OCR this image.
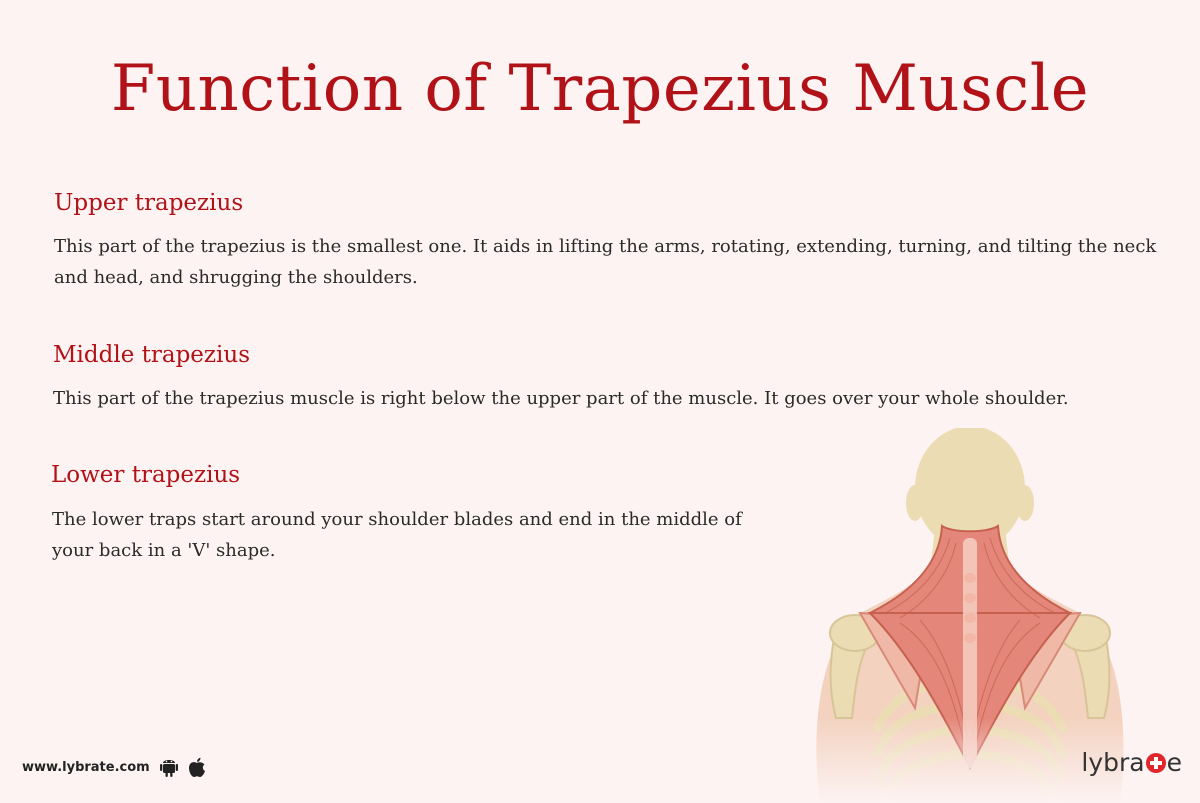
Function of Trapezius Muscle
Upper trapezius

This part of the trapezius is the smallest one. It aids in lifting the arms, rotating, extending, turning, and tilting the neck and head, and shrugging the shoulders.

Middle trapezius

This part of the trapezius muscle is right below the upper part of the muscle. It goes over your whole shoulder.

Lower trapezius

The lower traps start around your shoulder blades and end in the middle of your back in a 'V' shape.

www.lybrate.com	lybra e
